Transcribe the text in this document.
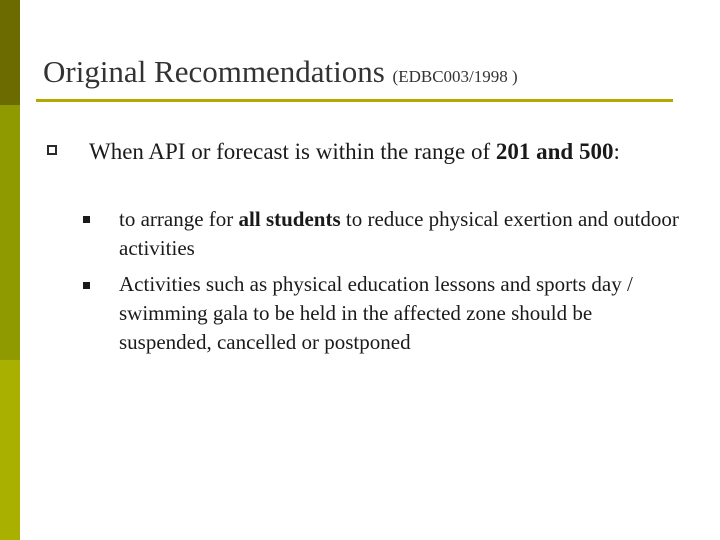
Original Recommendations (EDBC003/1998 )
When API or forecast is within the range of 201 and 500:
to arrange for all students to reduce physical exertion and outdoor activities
Activities such as physical education lessons and sports day / swimming gala to be held in the affected zone should be suspended, cancelled or postponed
